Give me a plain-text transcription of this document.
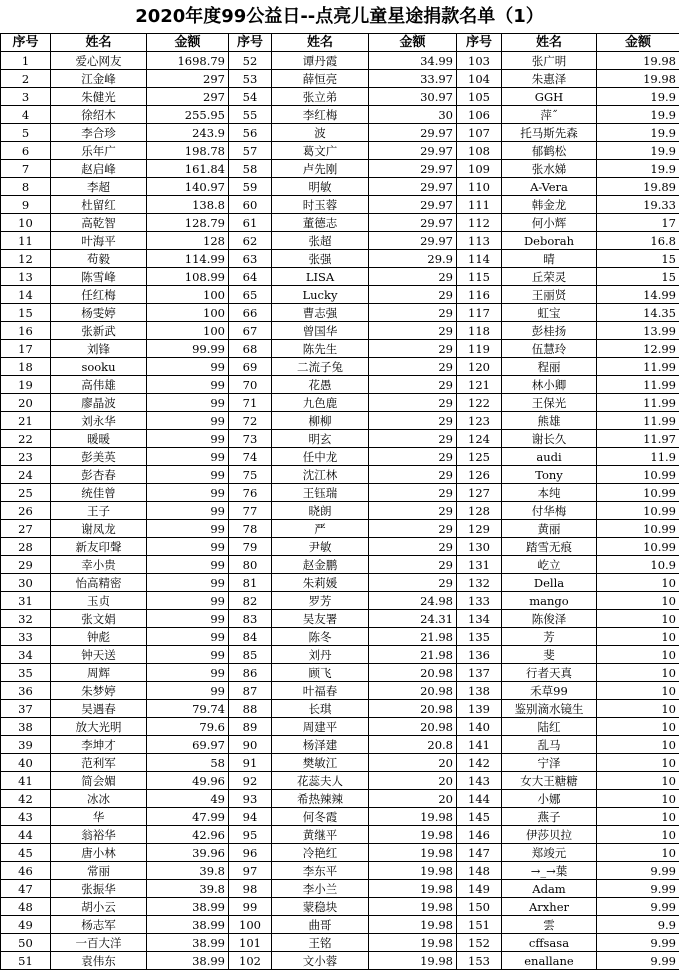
2020年度99公益日--点亮儿童星途捐款名单（1）
序号	姓名	金额	序号	姓名	金额	序号	姓名	金额
1	爱心网友	1698.79	52	谭丹霞	34.99	103	张广明	19.98
2	江金峰	297	53	薛恒亮	33.97	104	朱惠泽	19.98
3	朱健光	297	54	张立弟	30.97	105	GGH	19.9
4	徐绍木	255.95	55	李红梅	30	106	萍˝	19.9
5	李合珍	243.9	56	波	29.97	107	托马斯先森	19.9
6	乐年广	198.78	57	葛文广	29.97	108	郁鹤松	19.9
7	赵启峰	161.84	58	卢先刚	29.97	109	张水娣	19.9
8	李超	140.97	59	明敏	29.97	110	A-Vera	19.89
9	杜留红	138.8	60	时玉蓉	29.97	111	韩金龙	19.33
10	高乾智	128.79	61	董德志	29.97	112	何小辉	17
11	叶海平	128	62	张超	29.97	113	Deborah	16.8
12	苟毅	114.99	63	张强	29.9	114	晴	15
13	陈雪峰	108.99	64	LISA	29	115	丘荣灵	15
14	任红梅	100	65	Lucky	29	116	王丽贤	14.99
15	杨雯婷	100	66	曹志强	29	117	虹宝	14.35
16	张新武	100	67	曾国华	29	118	彭桂扬	13.99
17	刘锋	99.99	68	陈先生	29	119	伍慧玲	12.99
18	sooku	99	69	二流子兔	29	120	程丽	11.99
19	高伟雄	99	70	花愚	29	121	林小卿	11.99
20	廖晶波	99	71	九色鹿	29	122	王保光	11.99
21	刘永华	99	72	柳柳	29	123	熊雄	11.99
22	暖暖	99	73	明玄	29	124	谢长久	11.97
23	彭美英	99	74	任中龙	29	125	audi	11.9
24	彭杏春	99	75	沈江林	29	126	Tony	10.99
25	统佳曾	99	76	王钰瑞	29	127	本纯	10.99
26	王子	99	77	晓朗	29	128	付华梅	10.99
27	谢凤龙	99	78	严	29	129	黄丽	10.99
28	新友印聲	99	79	尹敏	29	130	踏雪无痕	10.99
29	幸小贵	99	80	赵金鹏	29	131	屹立	10.9
30	怡高精密	99	81	朱莉媛	29	132	Della	10
31	玉贞	99	82	罗芳	24.98	133	mango	10
32	张文娟	99	83	吴友署	24.31	134	陈俊泽	10
33	钟彪	99	84	陈冬	21.98	135	芳	10
34	钟天送	99	85	刘丹	21.98	136	斐	10
35	周辉	99	86	顾飞	20.98	137	行者天真	10
36	朱梦婷	99	87	叶福春	20.98	138	禾草99	10
37	吴遇春	79.74	88	长琪	20.98	139	鉴别滴水镜生	10
38	放大光明	79.6	89	周建平	20.98	140	陆红	10
39	李坤才	69.97	90	杨泽建	20.8	141	乱马	10
40	范利军	58	91	樊敏江	20	142	宁泽	10
41	简会媚	49.96	92	花蕊夫人	20	143	女大王糖糖	10
42	冰冰	49	93	希热辣辣	20	144	小娜	10
43	华	47.99	94	何冬霞	19.98	145	燕子	10
44	翁裕华	42.96	95	黄继平	19.98	146	伊莎贝拉	10
45	唐小林	39.96	96	冷艳红	19.98	147	郑竣元	10
46	常丽	39.8	97	李东平	19.98	148	→_→葉	9.99
47	张振华	39.8	98	李小兰	19.98	149	Adam	9.99
48	胡小云	38.99	99	蒙稳块	19.98	150	Arxher	9.99
49	杨志军	38.99	100	曲哥	19.98	151	雲	9.9
50	一百大洋	38.99	101	王铭	19.98	152	cffsasa	9.99
51	袁伟东	38.99	102	文小蓉	19.98	153	enallane	9.99
